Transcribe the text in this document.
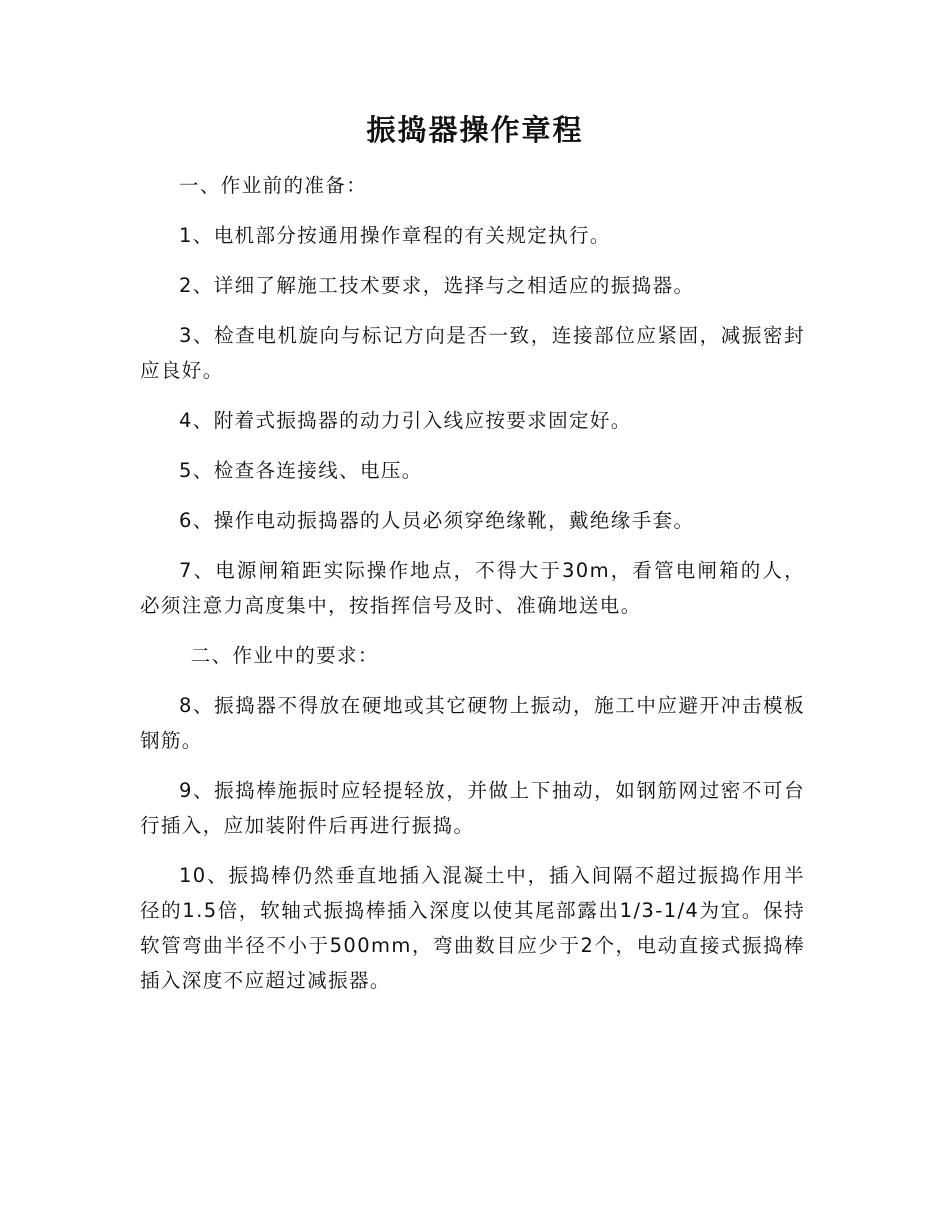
振捣器操作章程

一、作业前的准备：

1、电机部分按通用操作章程的有关规定执行。

2、详细了解施工技术要求，选择与之相适应的振捣器。

3、检查电机旋向与标记方向是否一致，连接部位应紧固，减振密封应良好。

4、附着式振捣器的动力引入线应按要求固定好。

5、检查各连接线、电压。

6、操作电动振捣器的人员必须穿绝缘靴，戴绝缘手套。

7、电源闸箱距实际操作地点，不得大于30m，看管电闸箱的人，必须注意力高度集中，按指挥信号及时、准确地送电。

二、作业中的要求：

8、振捣器不得放在硬地或其它硬物上振动，施工中应避开冲击模板钢筋。

9、振捣棒施振时应轻提轻放，并做上下抽动，如钢筋网过密不可台行插入，应加装附件后再进行振捣。

10、振捣棒仍然垂直地插入混凝土中，插入间隔不超过振捣作用半径的1.5倍，软轴式振捣棒插入深度以使其尾部露出1/3-1/4为宜。保持软管弯曲半径不小于500mm，弯曲数目应少于2个，电动直接式振捣棒插入深度不应超过减振器。
